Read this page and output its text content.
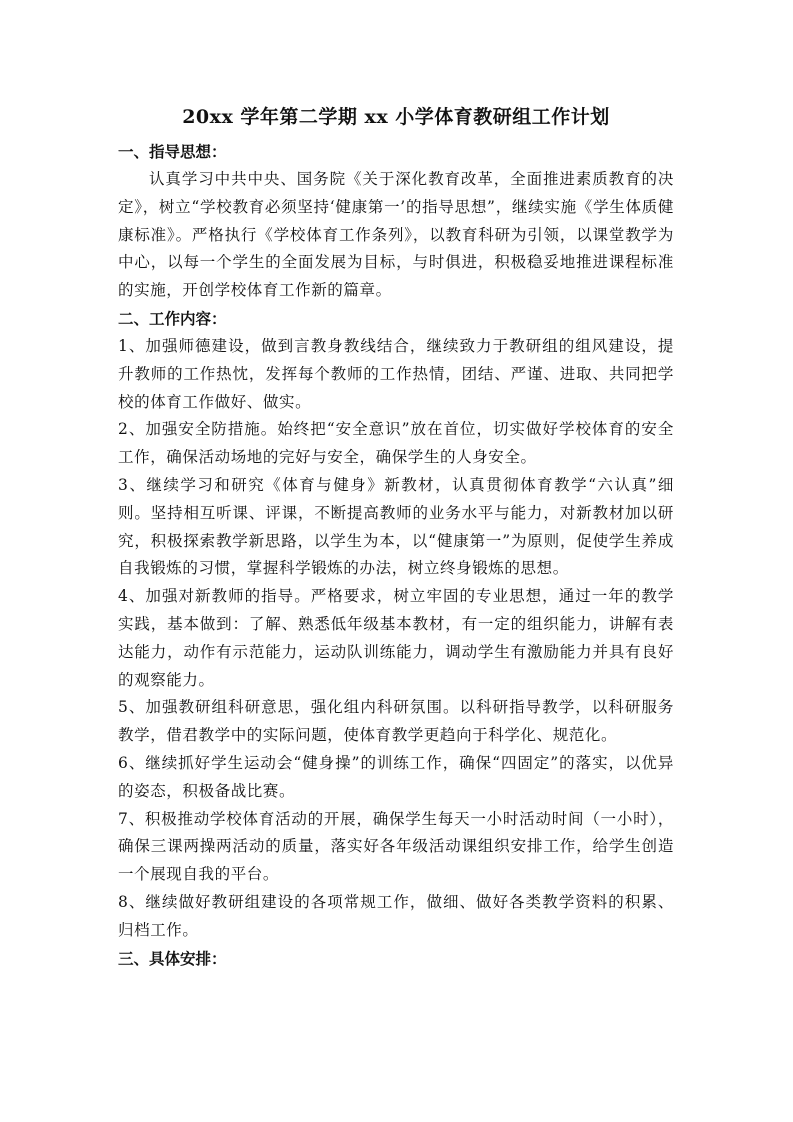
20xx 学年第二学期 xx 小学体育教研组工作计划
一、指导思想：

认真学习中共中央、国务院《关于深化教育改革，全面推进素质教育的决定》，树立“学校教育必须坚持‘健康第一’的指导思想”，继续实施《学生体质健康标准》。严格执行《学校体育工作条列》，以教育科研为引领，以课堂教学为中心，以每一个学生的全面发展为目标，与时俱进，积极稳妥地推进课程标准的实施，开创学校体育工作新的篇章。

二、工作内容：

1、加强师德建设，做到言教身教线结合，继续致力于教研组的组风建设，提升教师的工作热忱，发挥每个教师的工作热情，团结、严谨、进取、共同把学校的体育工作做好、做实。

2、加强安全防措施。始终把“安全意识”放在首位，切实做好学校体育的安全工作，确保活动场地的完好与安全，确保学生的人身安全。

3、继续学习和研究《体育与健身》新教材，认真贯彻体育教学“六认真”细则。坚持相互听课、评课，不断提高教师的业务水平与能力，对新教材加以研究，积极探索教学新思路，以学生为本，以“健康第一”为原则，促使学生养成自我锻炼的习惯，掌握科学锻炼的办法，树立终身锻炼的思想。

4、加强对新教师的指导。严格要求，树立牢固的专业思想，通过一年的教学实践，基本做到：了解、熟悉低年级基本教材，有一定的组织能力，讲解有表达能力，动作有示范能力，运动队训练能力，调动学生有激励能力并具有良好的观察能力。

5、加强教研组科研意思，强化组内科研氛围。以科研指导教学，以科研服务教学，借君教学中的实际问题，使体育教学更趋向于科学化、规范化。

6、继续抓好学生运动会“健身操”的训练工作，确保“四固定”的落实，以优异的姿态，积极备战比赛。

7、积极推动学校体育活动的开展，确保学生每天一小时活动时间（一小时），确保三课两操两活动的质量，落实好各年级活动课组织安排工作，给学生创造一个展现自我的平台。

8、继续做好教研组建设的各项常规工作，做细、做好各类教学资料的积累、归档工作。

三、具体安排：
